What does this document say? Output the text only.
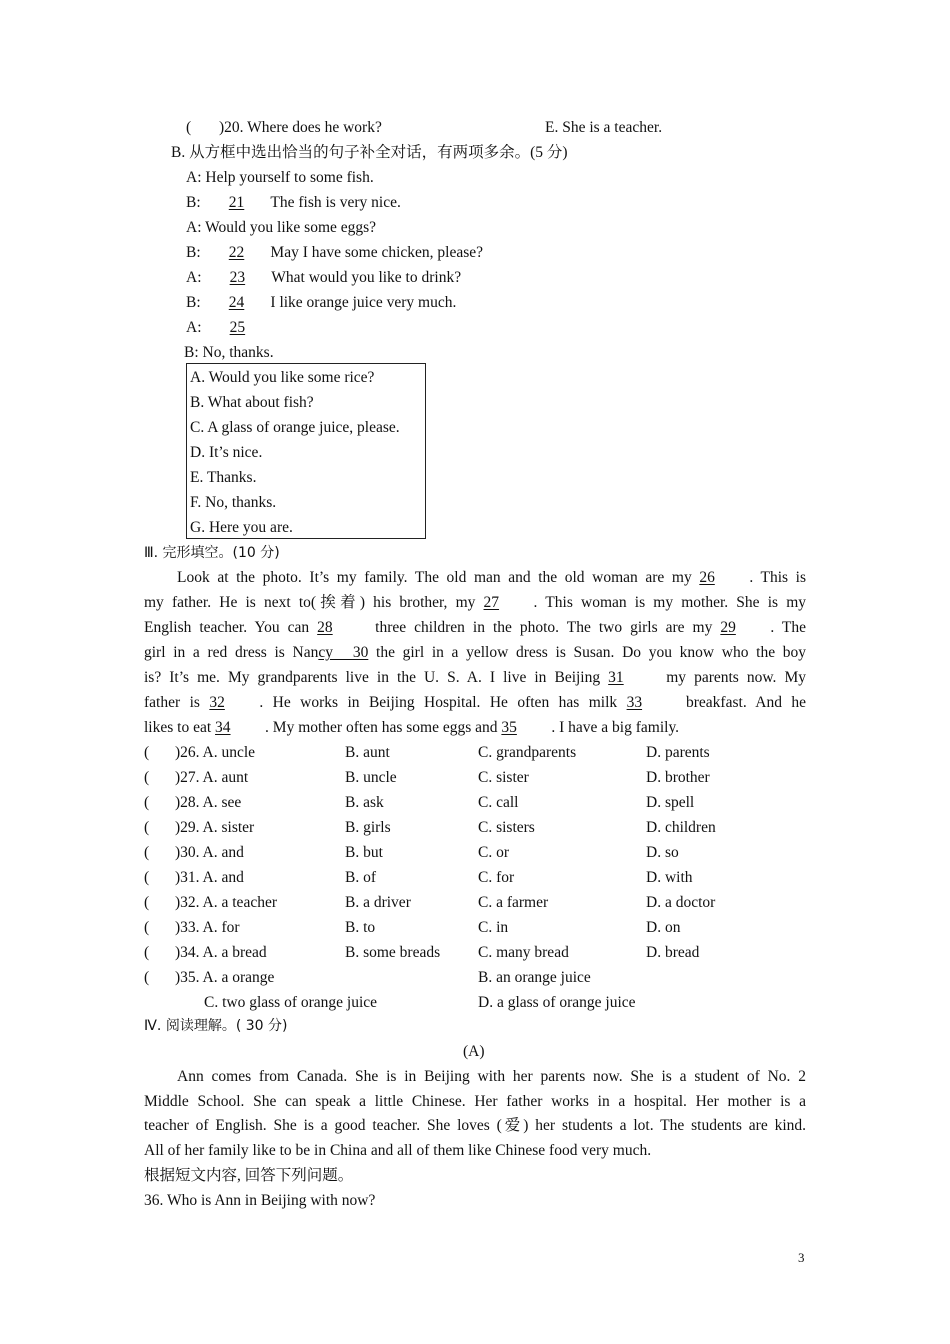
( )20. Where does he work?	E. She is a teacher.
B. 从方框中选出恰当的句子补全对话，有两项多余。(5 分)
A: Help yourself to some fish.
B: 21 The fish is very nice.
A: Would you like some eggs?
B: 22 May I have some chicken, please?
A: 23 What would you like to drink?
B: 24 I like orange juice very much.
A: 25
B: No, thanks.
A. Would you like some rice?
B. What about fish?
C. A glass of orange juice, please.
D. It’s nice.
E. Thanks.
F. No, thanks.
G. Here you are.
Ⅲ. 完形填空。(10 分)
Look at the photo. It’s my family. The old man and the old woman are my 26 . This is
my father. He is next to(挨着) his brother, my 27 . This woman is my mother. She is my
English teacher. You can 28	three children in the photo. The two girls are my 29 . The
girl in a red dress is Nancy 30 the girl in a yellow dress is Susan. Do you know who the boy
is? It’s me. My grandparents live in the U. S. A. I live in Beijing 31	my parents now. My
father is 32 . He works in Beijing Hospital. He often has milk 33	breakfast. And he
likes to eat 34 . My mother often has some eggs and 35 . I have a big family.
( )26. A. uncle	B. aunt	C. grandparents	D. parents
( )27. A. aunt	B. uncle	C. sister	D. brother
( )28. A. see	B. ask	C. call	D. spell
( )29. A. sister	B. girls	C. sisters	D. children
( )30. A. and	B. but	C. or	D. so
( )31. A. and	B. of	C. for	D. with
( )32. A. a teacher	B. a driver	C. a farmer	D. a doctor
( )33. A. for	B. to	C. in	D. on
( )34. A. a bread	B. some breads C. many bread	D. bread
( )35. A. a orange	B. an orange juice
C. two glass of orange juice	D. a glass of orange juice
Ⅳ. 阅读理解。( 30 分)
(A)
Ann comes from Canada. She is in Beijing with her parents now. She is a student of No. 2
Middle School. She can speak a little Chinese. Her father works in a hospital. Her mother is a
teacher of English. She is a good teacher. She loves (爱) her students a lot. The students are kind.
All of her family like to be in China and all of them like Chinese food very much.
根据短文内容, 回答下列问题。
36. Who is Ann in Beijing with now?
3
